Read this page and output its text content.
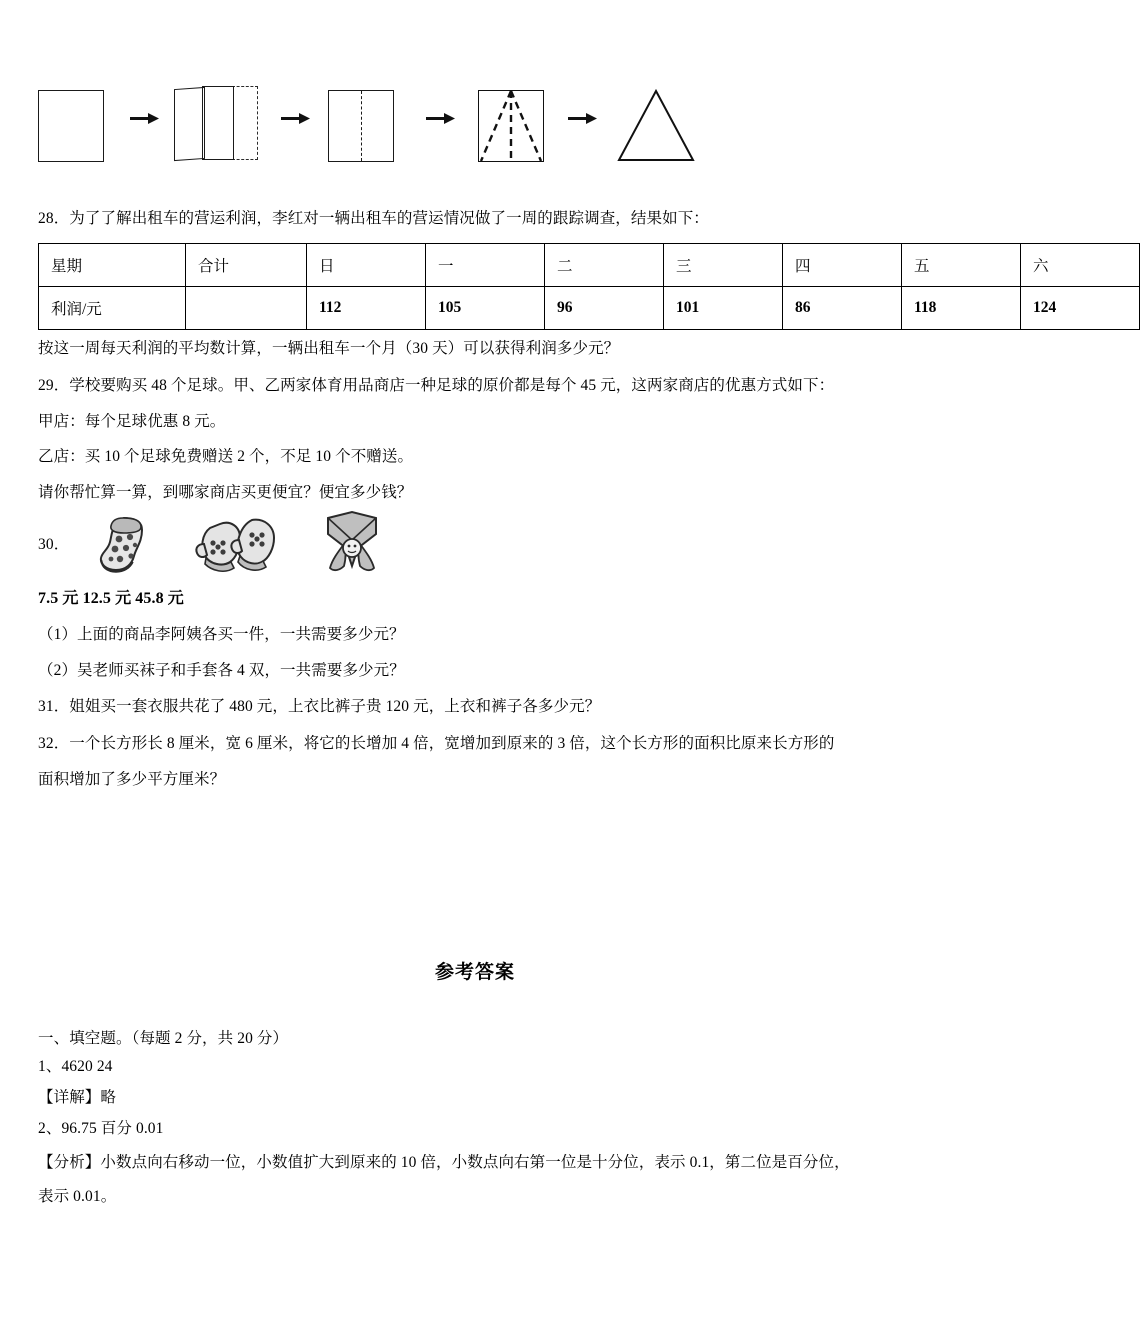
28．为了了解出租车的营运利润，李红对一辆出租车的营运情况做了一周的跟踪调查，结果如下：
星期	合计	日	一	二	三	四	五	六
利润/元		112	105	96	101	86	118	124
按这一周每天利润的平均数计算，一辆出租车一个月（30 天）可以获得利润多少元？
29．学校要购买 48 个足球。甲、乙两家体育用品商店一种足球的原价都是每个 45 元，这两家商店的优惠方式如下：
甲店：每个足球优惠 8 元。
乙店：买 10 个足球免费赠送 2 个，不足 10 个不赠送。
请你帮忙算一算，到哪家商店买更便宜？便宜多少钱？
30．
7.5 元 12.5 元 45.8 元
（1）上面的商品李阿姨各买一件，一共需要多少元？
（2）吴老师买袜子和手套各 4 双，一共需要多少元？
31．姐姐买一套衣服共花了 480 元，上衣比裤子贵 120 元，上衣和裤子各多少元？
32．一个长方形长 8 厘米，宽 6 厘米，将它的长增加 4 倍，宽增加到原来的 3 倍，这个长方形的面积比原来长方形的
面积增加了多少平方厘米？
参考答案
一、填空题。（每题 2 分，共 20 分）
1、4620 24
【详解】略
2、96.75 百分 0.01
【分析】小数点向右移动一位，小数值扩大到原来的 10 倍，小数点向右第一位是十分位，表示 0.1，第二位是百分位，
表示 0.01。
